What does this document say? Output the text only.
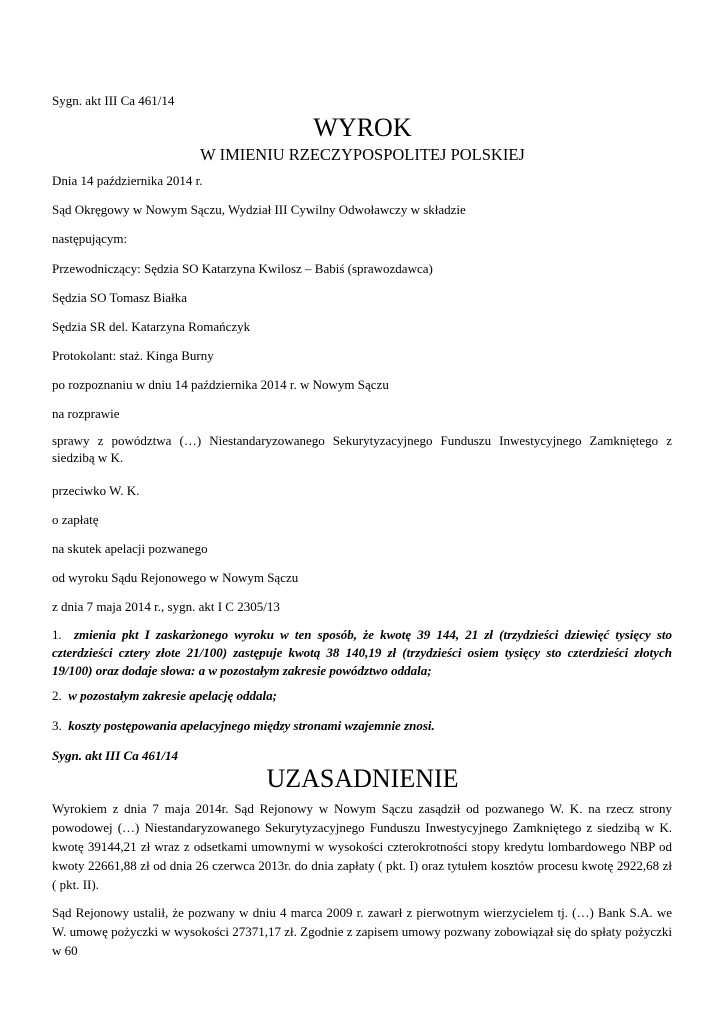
Sygn. akt III Ca 461/14
WYROK
W IMIENIU RZECZYPOSPOLITEJ POLSKIEJ
Dnia 14 października 2014 r.
Sąd Okręgowy w Nowym Sączu, Wydział III Cywilny Odwoławczy w składzie
następującym:
Przewodniczący: Sędzia SO Katarzyna Kwilosz – Babiś (sprawozdawca)
Sędzia SO Tomasz Białka
Sędzia SR del. Katarzyna Romańczyk
Protokolant: staż. Kinga Burny
po rozpoznaniu w dniu 14 października 2014 r. w Nowym Sączu
na rozprawie
sprawy z powództwa (…) Niestandaryzowanego Sekurytyzacyjnego Funduszu Inwestycyjnego Zamkniętego z siedzibą w K.
przeciwko W. K.
o zapłatę
na skutek apelacji pozwanego
od wyroku Sądu Rejonowego w Nowym Sączu
z dnia 7 maja 2014 r., sygn. akt I C 2305/13
1. zmienia pkt I zaskarżonego wyroku w ten sposób, że kwotę 39 144, 21 zł (trzydzieści dziewięć tysięcy sto czterdzieści cztery złote 21/100) zastępuje kwotą 38 140,19 zł (trzydzieści osiem tysięcy sto czterdzieści złotych 19/100) oraz dodaje słowa: a w pozostałym zakresie powództwo oddala;
2. w pozostałym zakresie apelację oddala;
3. koszty postępowania apelacyjnego między stronami wzajemnie znosi.
Sygn. akt III Ca 461/14
UZASADNIENIE
Wyrokiem z dnia 7 maja 2014r. Sąd Rejonowy w Nowym Sączu zasądził od pozwanego W. K. na rzecz strony powodowej (…) Niestandaryzowanego Sekurytyzacyjnego Funduszu Inwestycyjnego Zamkniętego z siedzibą w K. kwotę 39144,21 zł wraz z odsetkami umownymi w wysokości czterokrotności stopy kredytu lombardowego NBP od kwoty 22661,88 zł od dnia 26 czerwca 2013r. do dnia zapłaty ( pkt. I) oraz tytułem kosztów procesu kwotę 2922,68 zł ( pkt. II).
Sąd Rejonowy ustalił, że pozwany w dniu 4 marca 2009 r. zawarł z pierwotnym wierzycielem tj. (…) Bank S.A. we W. umowę pożyczki w wysokości 27371,17 zł. Zgodnie z zapisem umowy pozwany zobowiązał się do spłaty pożyczki w 60
